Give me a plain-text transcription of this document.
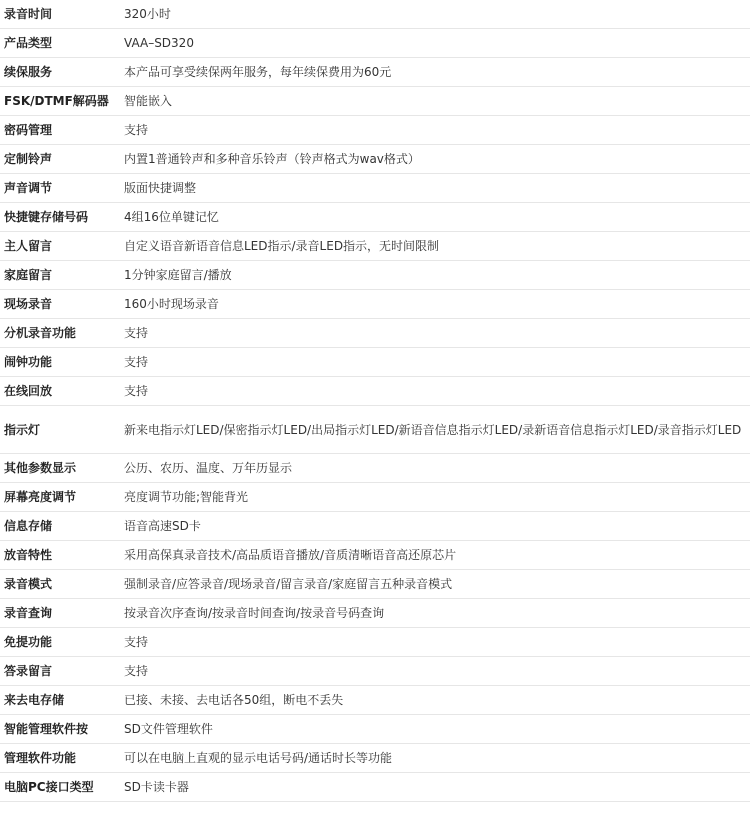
录音时间	320小时
产品类型	VAA–SD320
续保服务	本产品可享受续保两年服务，每年续保费用为60元
FSK/DTMF解码器	智能嵌入
密码管理	支持
定制铃声	内置1普通铃声和多种音乐铃声（铃声格式为wav格式）
声音调节	版面快捷调整
快捷键存储号码	4组16位单键记忆
主人留言	自定义语音新语音信息LED指示/录音LED指示，无时间限制
家庭留言	1分钟家庭留言/播放
现场录音	160小时现场录音
分机录音功能	支持
闹钟功能	支持
在线回放	支持
指示灯	新来电指示灯LED/保密指示灯LED/出局指示灯LED/新语音信息指示灯LED/录新语音信息指示灯LED/录音指示灯LED
其他参数显示	公历、农历、温度、万年历显示
屏幕亮度调节	亮度调节功能;智能背光
信息存储	语音高速SD卡
放音特性	采用高保真录音技术/高品质语音播放/音质清晰语音高还原芯片
录音模式	强制录音/应答录音/现场录音/留言录音/家庭留言五种录音模式
录音查询	按录音次序查询/按录音时间查询/按录音号码查询
免提功能	支持
答录留言	支持
来去电存储	已接、未接、去电话各50组，断电不丢失
智能管理软件按	SD文件管理软件
管理软件功能	可以在电脑上直观的显示电话号码/通话时长等功能
电脑PC接口类型	SD卡读卡器
